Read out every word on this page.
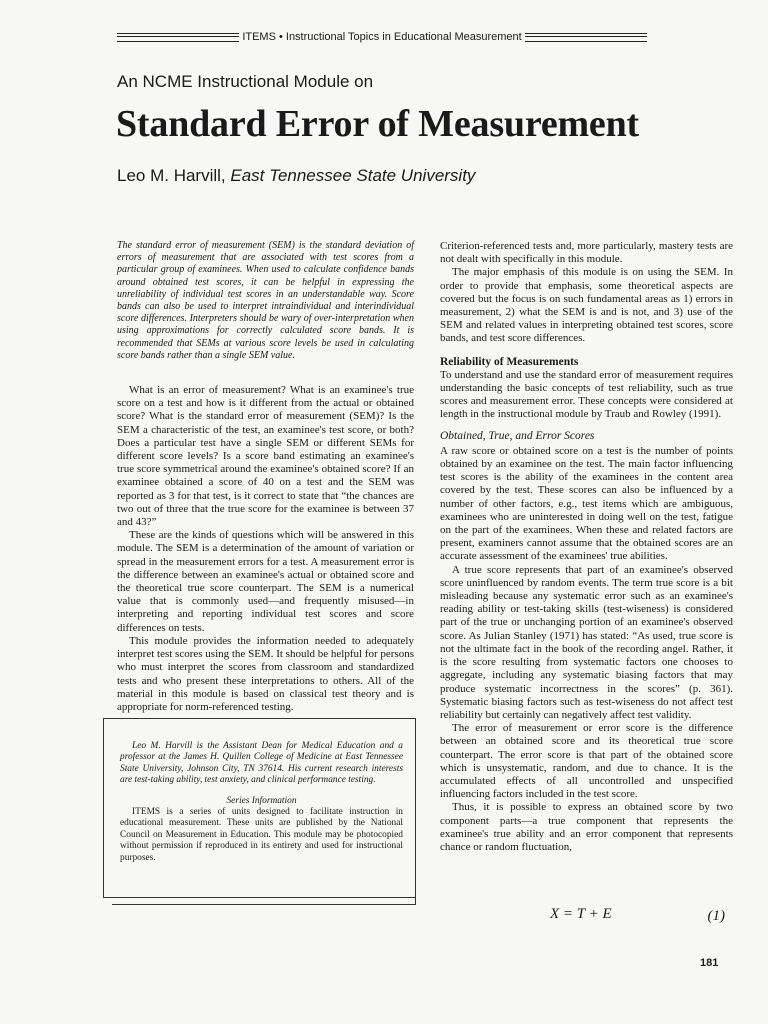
ITEMS • Instructional Topics in Educational Measurement
An NCME Instructional Module on
Standard Error of Measurement
Leo M. Harvill, East Tennessee State University

The standard error of measurement (SEM) is the standard deviation of errors of measurement that are associated with test scores from a particular group of examinees. When used to calculate confidence bands around obtained test scores, it can be helpful in expressing the unreliability of individual test scores in an understandable way. Score bands can also be used to interpret intraindividual and interindividual score differences. Interpreters should be wary of over-interpretation when using approximations for correctly calculated score bands. It is recommended that SEMs at various score levels be used in calculating score bands rather than a single SEM value.

What is an error of measurement? What is an examinee's true score on a test and how is it different from the actual or obtained score? What is the standard error of measurement (SEM)? Is the SEM a characteristic of the test, an examinee's test score, or both? Does a particular test have a single SEM or different SEMs for different score levels? Is a score band estimating an examinee's true score symmetrical around the examinee's obtained score? If an examinee obtained a score of 40 on a test and the SEM was reported as 3 for that test, is it correct to state that “the chances are two out of three that the true score for the examinee is between 37 and 43?”

These are the kinds of questions which will be answered in this module. The SEM is a determination of the amount of variation or spread in the measurement errors for a test. A measurement error is the difference between an examinee's actual or obtained score and the theoretical true score counterpart. The SEM is a numerical value that is commonly used—and frequently misused—in interpreting and reporting individual test scores and score differences on tests.

This module provides the information needed to adequately interpret test scores using the SEM. It should be helpful for persons who must interpret the scores from classroom and standardized tests and who present these interpretations to others. All of the material in this module is based on classical test theory and is appropriate for norm-referenced testing.

Leo M. Harvill is the Assistant Dean for Medical Education and a professor at the James H. Quillen College of Medicine at East Tennessee State University, Johnson City, TN 37614. His current research interests are test-taking ability, test anxiety, and clinical performance testing.

Series Information

ITEMS is a series of units designed to facilitate instruction in educational measurement. These units are published by the National Council on Measurement in Education. This module may be photocopied without permission if reproduced in its entirety and used for instructional purposes.

Criterion-referenced tests and, more particularly, mastery tests are not dealt with specifically in this module.

The major emphasis of this module is on using the SEM. In order to provide that emphasis, some theoretical aspects are covered but the focus is on such fundamental areas as 1) errors in measurement, 2) what the SEM is and is not, and 3) use of the SEM and related values in interpreting obtained test scores, score bands, and test score differences.

Reliability of Measurements

To understand and use the standard error of measurement requires understanding the basic concepts of test reliability, such as true scores and measurement error. These concepts were considered at length in the instructional module by Traub and Rowley (1991).

Obtained, True, and Error Scores

A raw score or obtained score on a test is the number of points obtained by an examinee on the test. The main factor influencing test scores is the ability of the examinees in the content area covered by the test. These scores can also be influenced by a number of other factors, e.g., test items which are ambiguous, examinees who are uninterested in doing well on the test, fatigue on the part of the examinees. When these and related factors are present, examiners cannot assume that the obtained scores are an accurate assessment of the examinees' true abilities.

A true score represents that part of an examinee's observed score uninfluenced by random events. The term true score is a bit misleading because any systematic error such as an examinee's reading ability or test-taking skills (test-wiseness) is considered part of the true or unchanging portion of an examinee's observed score. As Julian Stanley (1971) has stated: “As used, true score is not the ultimate fact in the book of the recording angel. Rather, it is the score resulting from systematic factors one chooses to aggregate, including any systematic biasing factors that may produce systematic incorrectness in the scores” (p. 361). Systematic biasing factors such as test-wiseness do not affect test reliability but certainly can negatively affect test validity.

The error of measurement or error score is the difference between an obtained score and its theoretical true score counterpart. The error score is that part of the obtained score which is unsystematic, random, and due to chance. It is the accumulated effects of all uncontrolled and unspecified influencing factors included in the test score.

Thus, it is possible to express an obtained score by two component parts—a true component that represents the examinee's true ability and an error component that represents chance or random fluctuation,

X = T + E	(1)
181
